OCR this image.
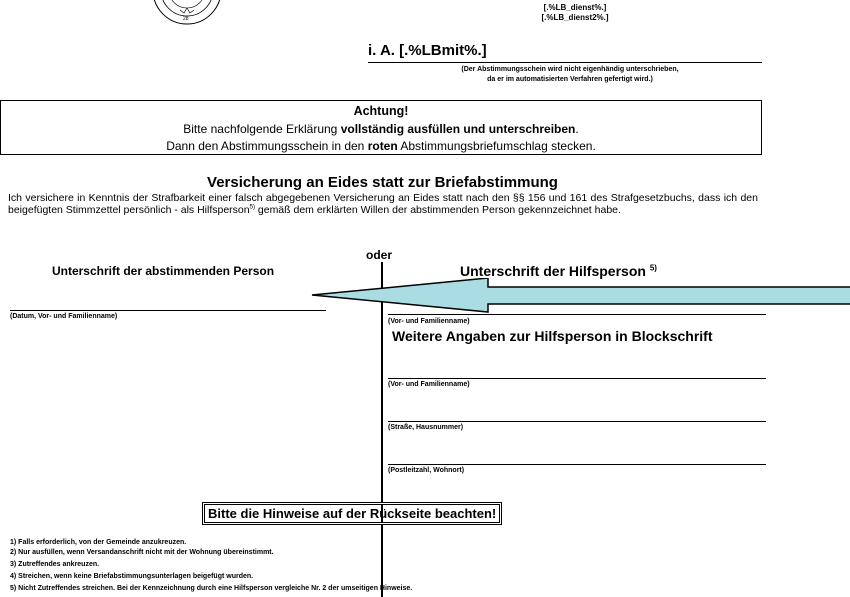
28
[.%LB_dienst%.]
[.%LB_dienst2%.]
i. A. [.%LBmit%.]
(Der Abstimmungsschein wird nicht eigenhändig unterschrieben,
da er im automatisierten Verfahren gefertigt wird.)
Achtung!
Bitte nachfolgende Erklärung vollständig ausfüllen und unterschreiben.
Dann den Abstimmungsschein in den roten Abstimmungsbriefumschlag stecken.
Versicherung an Eides statt zur Briefabstimmung
Ich versichere in Kenntnis der Strafbarkeit einer falsch abgegebenen Versicherung an Eides statt nach den §§ 156 und 161 des Strafgesetzbuchs, dass ich den beigefügten Stimmzettel persönlich - als Hilfsperson$^{5)}$ gemäß dem erklärten Willen der abstimmenden Person gekennzeichnet habe.
oder
Unterschrift der abstimmenden Person	Unterschrift der Hilfsperson $^{5)}$
(Datum, Vor- und Familienname)
(Vor- und Familienname)
Weitere Angaben zur Hilfsperson in Blockschrift
(Vor- und Familienname)
(Straße, Hausnummer)
(Postleitzahl, Wohnort)
Bitte die Hinweise auf der Rückseite beachten!
1) Falls erforderlich, von der Gemeinde anzukreuzen.
2) Nur ausfüllen, wenn Versandanschrift nicht mit der Wohnung übereinstimmt.
3) Zutreffendes ankreuzen.
4) Streichen, wenn keine Briefabstimmungsunterlagen beigefügt wurden.
5) Nicht Zutreffendes streichen. Bei der Kennzeichnung durch eine Hilfsperson vergleiche Nr. 2 der umseitigen Hinweise.
